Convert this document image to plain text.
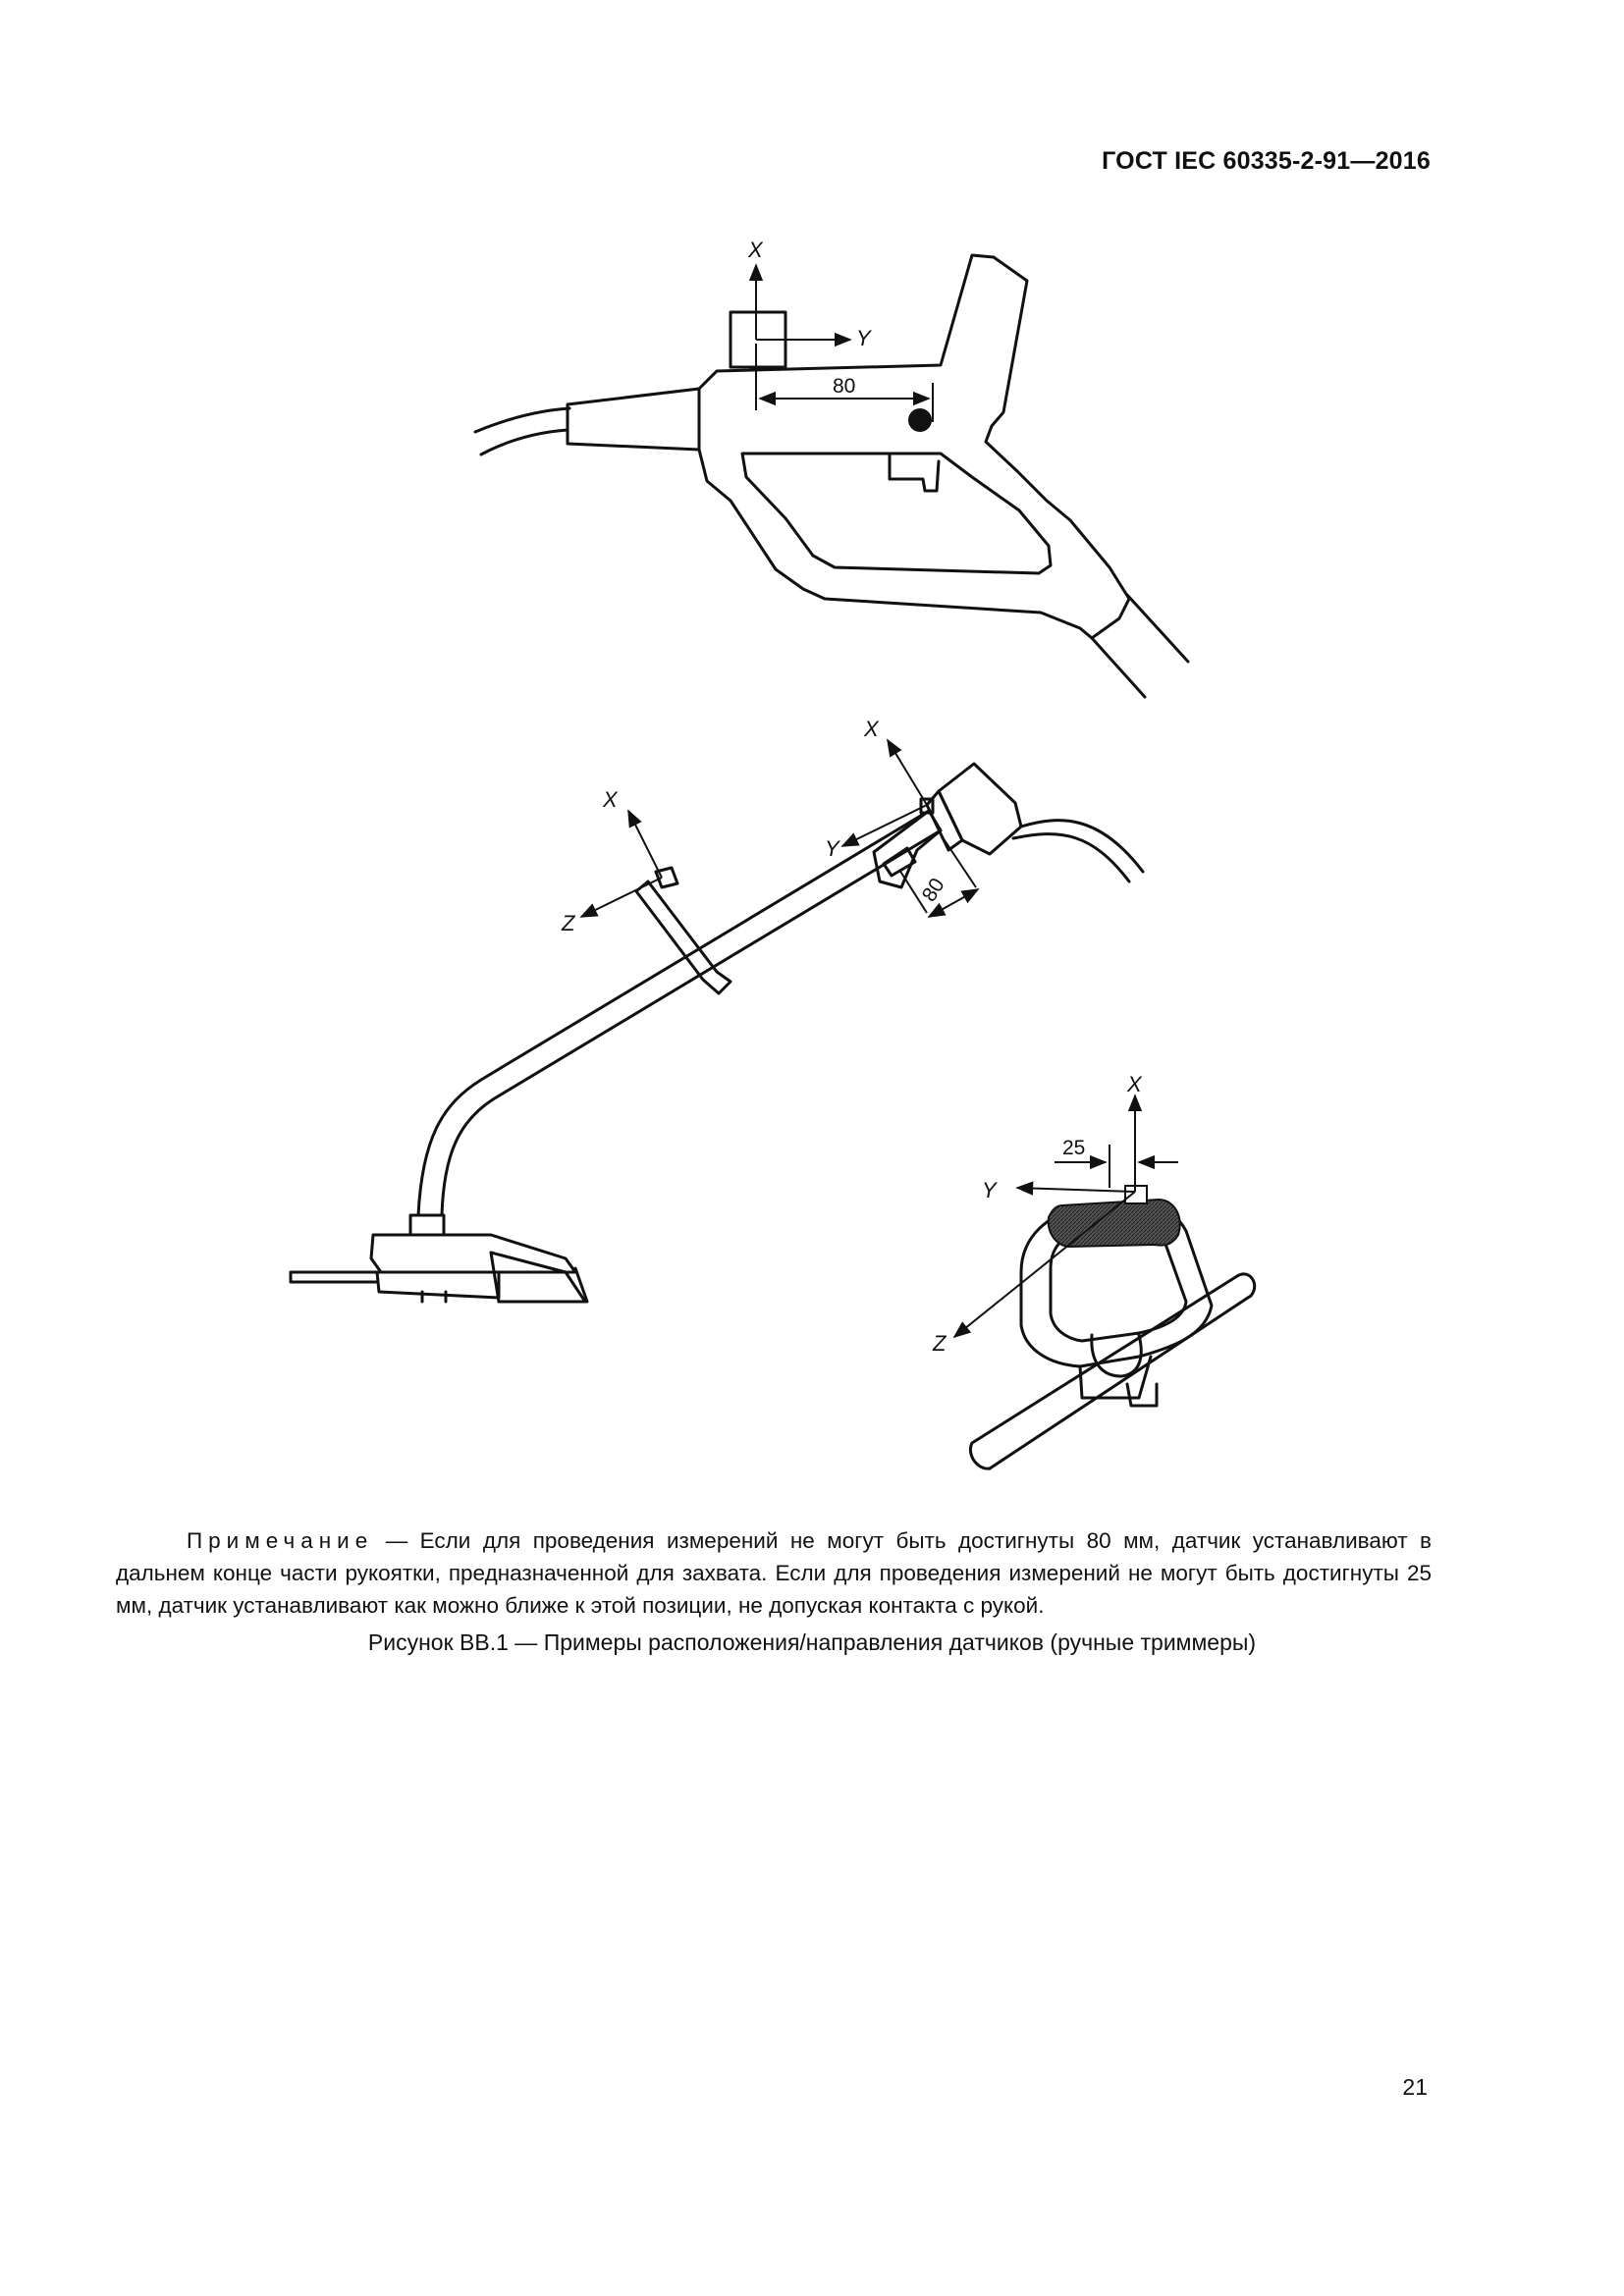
ГОСТ IEC 60335-2-91—2016
X
Y
80
X
Z
X
Y
80
X
Y
Z
25
Примечание — Если для проведения измерений не могут быть достигнуты 80 мм, датчик устанавливают в дальнем конце части рукоятки, предназначенной для захвата. Если для проведения измерений не могут быть достигнуты 25 мм, датчик устанавливают как можно ближе к этой позиции, не допуская контакта с рукой.
Рисунок ВВ.1 — Примеры расположения/направления датчиков (ручные триммеры)
21
